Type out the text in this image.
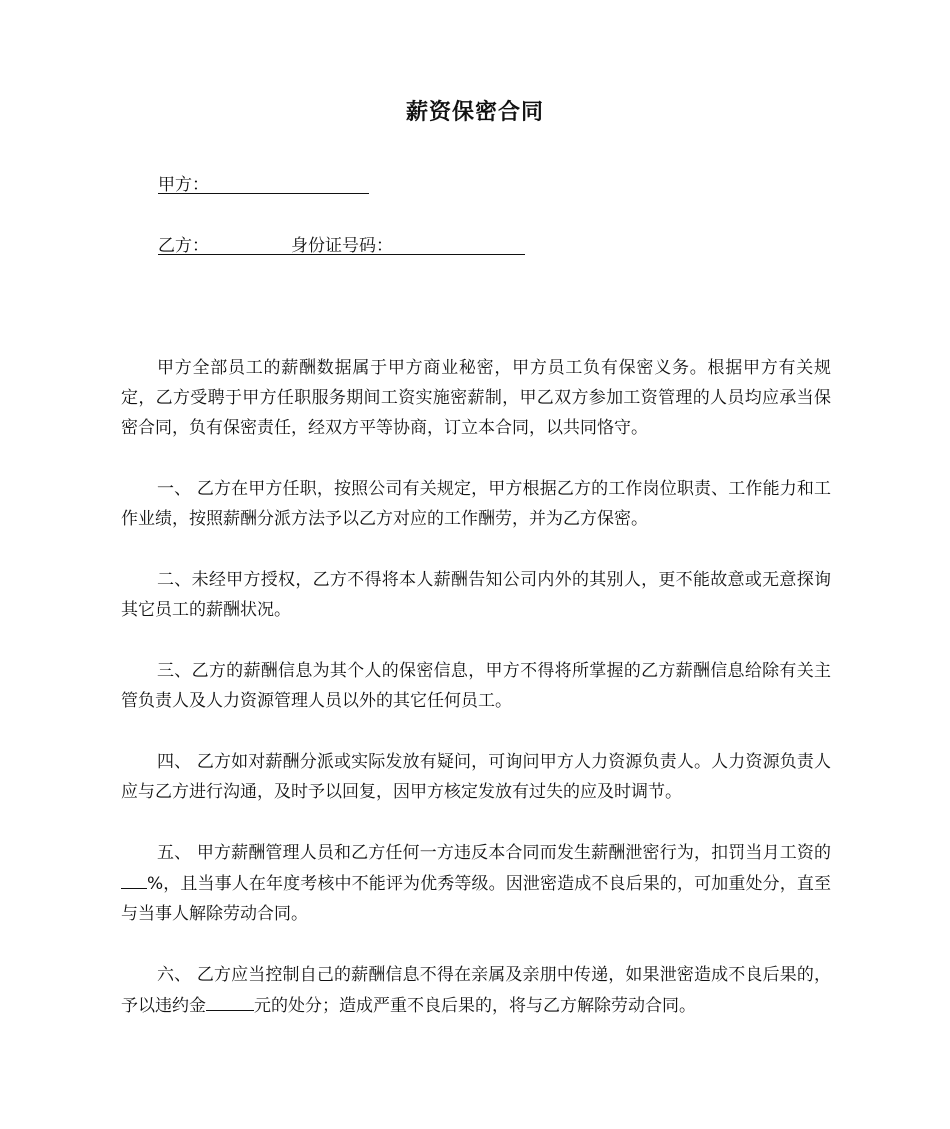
薪资保密合同
甲方：
乙方：	身份证号码：

甲方全部员工的薪酬数据属于甲方商业秘密，甲方员工负有保密义务。根据甲方有关规定，乙方受聘于甲方任职服务期间工资实施密薪制，甲乙双方参加工资管理的人员均应承当保密合同，负有保密责任，经双方平等协商，订立本合同，以共同恪守。

一、 乙方在甲方任职，按照公司有关规定，甲方根据乙方的工作岗位职责、工作能力和工作业绩，按照薪酬分派方法予以乙方对应的工作酬劳，并为乙方保密。

二、未经甲方授权，乙方不得将本人薪酬告知公司内外的其别人，更不能故意或无意探询其它员工的薪酬状况。

三、乙方的薪酬信息为其个人的保密信息，甲方不得将所掌握的乙方薪酬信息给除有关主管负责人及人力资源管理人员以外的其它任何员工。

四、 乙方如对薪酬分派或实际发放有疑问，可询问甲方人力资源负责人。人力资源负责人应与乙方进行沟通，及时予以回复，因甲方核定发放有过失的应及时调节。

五、 甲方薪酬管理人员和乙方任何一方违反本合同而发生薪酬泄密行为，扣罚当月工资的%，且当事人在年度考核中不能评为优秀等级。因泄密造成不良后果的，可加重处分，直至与当事人解除劳动合同。

六、 乙方应当控制自己的薪酬信息不得在亲属及亲朋中传递，如果泄密造成不良后果的，予以违约金	元的处分；造成严重不良后果的，将与乙方解除劳动合同。
